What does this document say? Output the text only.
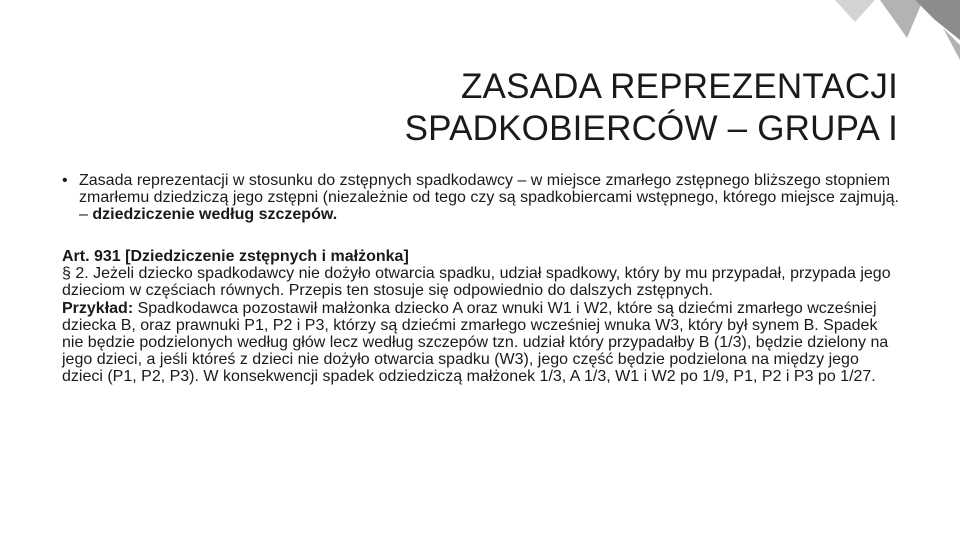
ZASADA REPREZENTACJI
SPADKOBIERCÓW – GRUPA I
• Zasada reprezentacji w stosunku do zstępnych spadkodawcy – w miejsce zmarłego zstępnego bliższego stopniem zmarłemu dziedziczą jego zstępni (niezależnie od tego czy są spadkobiercami wstępnego, którego miejsce zajmują. – dziedziczenie według szczepów.

Art. 931 [Dziedziczenie zstępnych i małżonka]

§ 2. Jeżeli dziecko spadkodawcy nie dożyło otwarcia spadku, udział spadkowy, który by mu przypadał, przypada jego dzieciom w częściach równych. Przepis ten stosuje się odpowiednio do dalszych zstępnych.

Przykład: Spadkodawca pozostawił małżonka dziecko A oraz wnuki W1 i W2, które są dziećmi zmarłego wcześniej dziecka B, oraz prawnuki P1, P2 i P3, którzy są dziećmi zmarłego wcześniej wnuka W3, który był synem B. Spadek nie będzie podzielonych według głów lecz według szczepów tzn. udział który przypadałby B (1/3), będzie dzielony na jego dzieci, a jeśli któreś z dzieci nie dożyło otwarcia spadku (W3), jego część będzie podzielona na między jego dzieci (P1, P2, P3). W konsekwencji spadek odziedziczą małżonek 1/3, A 1/3, W1 i W2 po 1/9, P1, P2 i P3 po 1/27.
